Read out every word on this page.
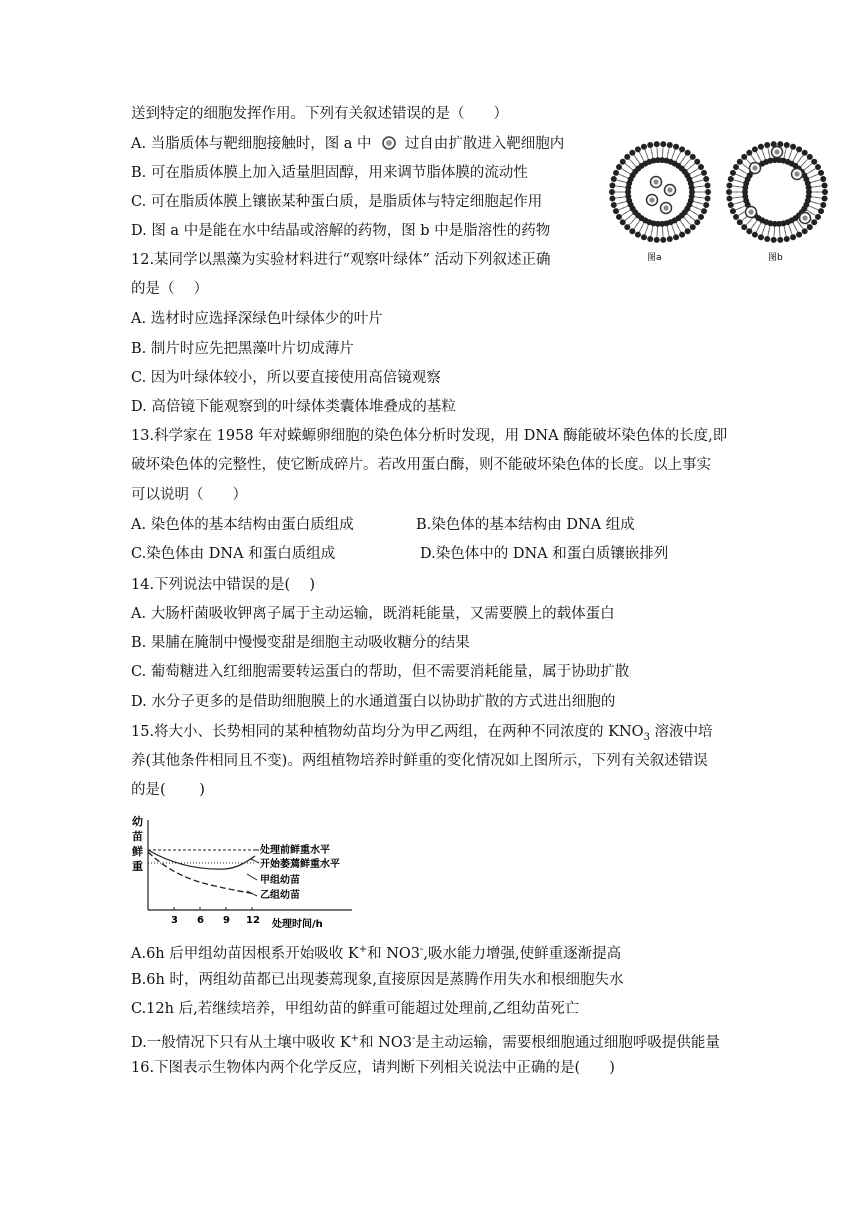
送到特定的细胞发挥作用。下列有关叙述错误的是（　　）
A. 当脂质体与靶细胞接触时，图 a 中 过自由扩散进入靶细胞内
B. 可在脂质体膜上加入适量胆固醇，用来调节脂体膜的流动性
C. 可在脂质体膜上镶嵌某种蛋白质，是脂质体与特定细胞起作用
D. 图 a 中是能在水中结晶或溶解的药物，图 b 中是脂溶性的药物
图a	图b
12.某同学以黑藻为实验材料进行“观察叶绿体” 活动下列叙述正确
的是（　 ）
A. 选材时应选择深绿色叶绿体少的叶片
B. 制片时应先把黑藻叶片切成薄片
C. 因为叶绿体较小，所以要直接使用高倍镜观察
D. 高倍镜下能观察到的叶绿体类囊体堆叠成的基粒
13.科学家在 1958 年对蝾螈卵细胞的染色体分析时发现，用 DNA 酶能破坏染色体的长度,即
破坏染色体的完整性，使它断成碎片。若改用蛋白酶，则不能破坏染色体的长度。以上事实
可以说明（　　）
A. 染色体的基本结构由蛋白质组成	B.染色体的基本结构由 DNA 组成
C.染色体由 DNA 和蛋白质组成	D.染色体中的 DNA 和蛋白质镶嵌排列
14.下列说法中错误的是(　 )
A. 大肠杆菌吸收钾离子属于主动运输，既消耗能量，又需要膜上的载体蛋白
B. 果脯在腌制中慢慢变甜是细胞主动吸收糖分的结果
C. 葡萄糖进入红细胞需要转运蛋白的帮助，但不需要消耗能量，属于协助扩散
D. 水分子更多的是借助细胞膜上的水通道蛋白以协助扩散的方式进出细胞的
15.将大小、长势相同的某种植物幼苗均分为甲乙两组，在两种不同浓度的 $KNO_3$ 溶液中培
养(其他条件相同且不变)。两组植物培养时鲜重的变化情况如上图所示，下列有关叙述错误
的是(　　 )
幼
苗
鲜
重
处理前鲜重水平
开始萎蔫鲜重水平
甲组幼苗
乙组幼苗
3 6 9 12 处理时间/h
A.6h 后甲组幼苗因根系开始吸收 K+和 NO3-,吸水能力增强,使鲜重逐渐提高
B.6h 时，两组幼苗都已出现萎蔫现象,直接原因是蒸腾作用失水和根细胞失水
C.12h 后,若继续培养，甲组幼苗的鲜重可能超过处理前,乙组幼苗死亡
D.一般情况下只有从土壤中吸收 K+和 NO3-是主动运输，需要根细胞通过细胞呼吸提供能量
16.下图表示生物体内两个化学反应，请判断下列相关说法中正确的是(　　)
